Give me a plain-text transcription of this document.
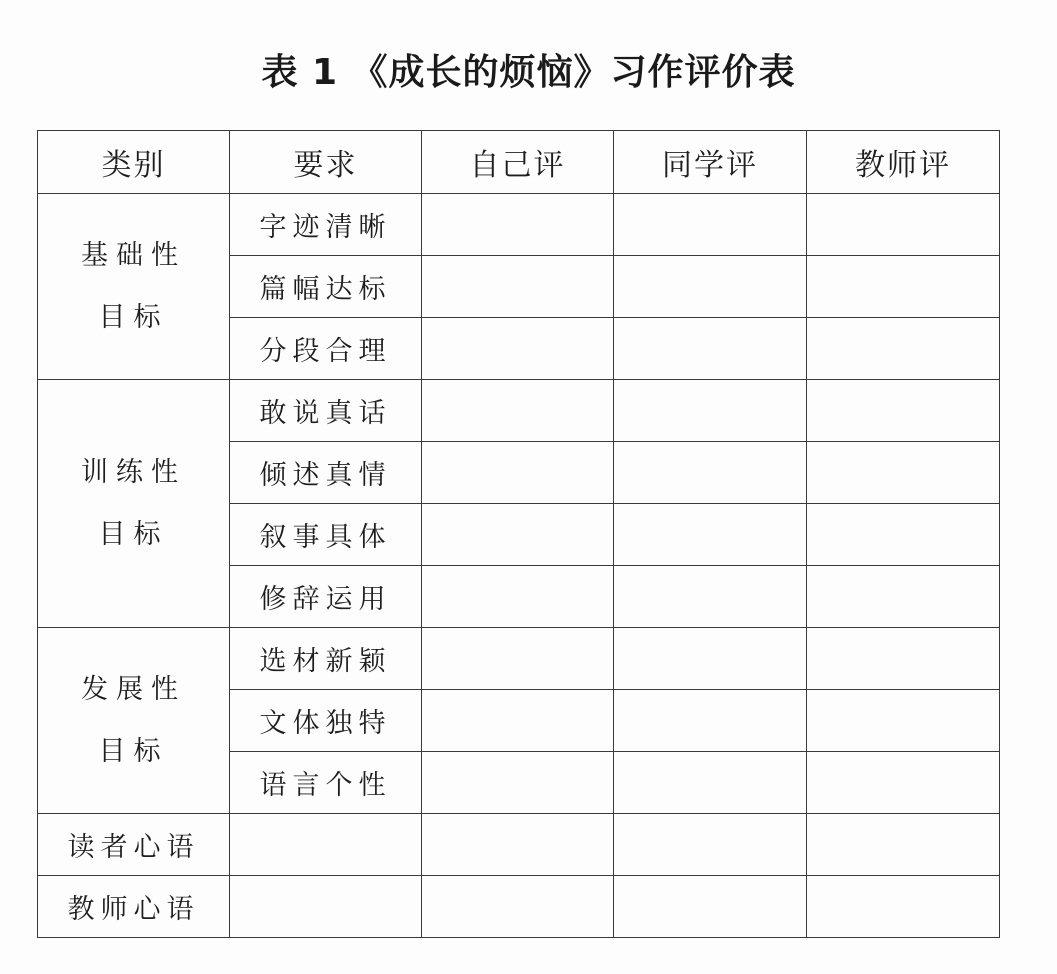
表 1 《成长的烦恼》习作评价表
类别	要求	自己评	同学评	教师评

基础性
目标	字迹清晰			
	篇幅达标			
	分段合理			

训练性
目标	敢说真话			
	倾述真情			
	叙事具体			
	修辞运用			

发展性
目标	选材新颖			
	文体独特			
	语言个性			
读者心语				
教师心语				
